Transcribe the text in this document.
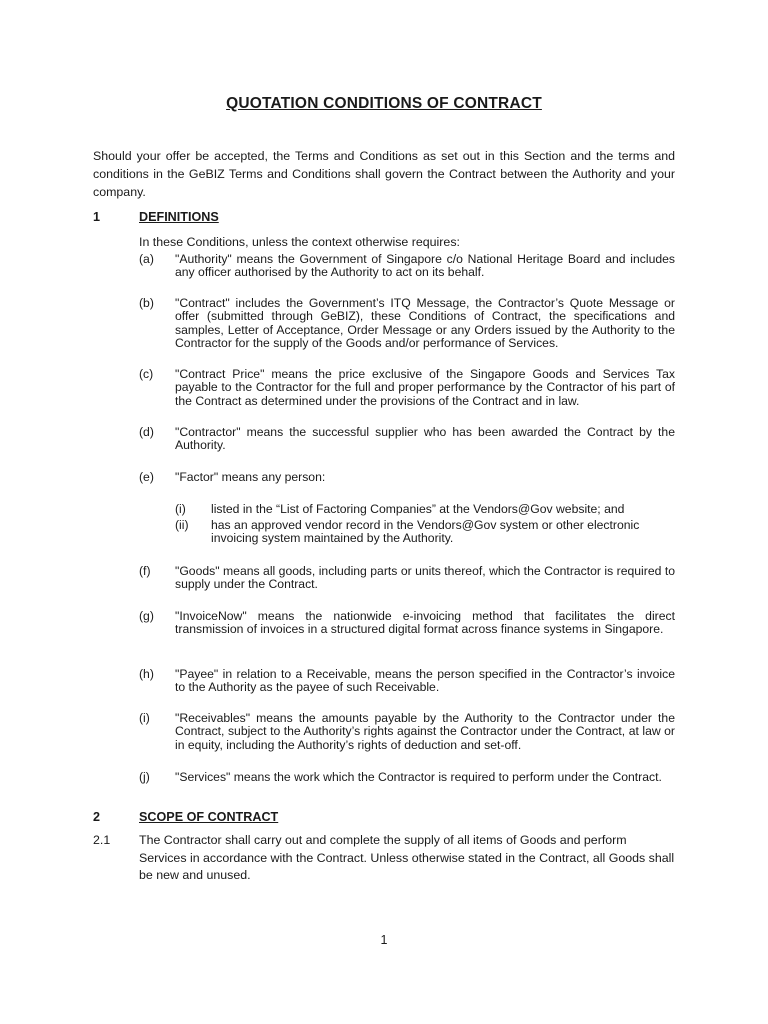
QUOTATION CONDITIONS OF CONTRACT
Should your offer be accepted, the Terms and Conditions as set out in this Section and the terms and conditions in the GeBIZ Terms and Conditions shall govern the Contract between the Authority and your company.
1	DEFINITIONS
In these Conditions, unless the context otherwise requires:
(a) "Authority" means the Government of Singapore c/o National Heritage Board and includes any officer authorised by the Authority to act on its behalf.
(b) "Contract" includes the Government’s ITQ Message, the Contractor’s Quote Message or offer (submitted through GeBIZ), these Conditions of Contract, the specifications and samples, Letter of Acceptance, Order Message or any Orders issued by the Authority to the Contractor for the supply of the Goods and/or performance of Services.
(c) "Contract Price" means the price exclusive of the Singapore Goods and Services Tax payable to the Contractor for the full and proper performance by the Contractor of his part of the Contract as determined under the provisions of the Contract and in law.
(d) "Contractor" means the successful supplier who has been awarded the Contract by the Authority.
(e) "Factor" means any person:
(i) listed in the “List of Factoring Companies” at the Vendors@Gov website; and
(ii) has an approved vendor record in the Vendors@Gov system or other electronic invoicing system maintained by the Authority.
(f) "Goods" means all goods, including parts or units thereof, which the Contractor is required to supply under the Contract.
(g) "InvoiceNow" means the nationwide e-invoicing method that facilitates the direct transmission of invoices in a structured digital format across finance systems in Singapore.
(h) "Payee" in relation to a Receivable, means the person specified in the Contractor’s invoice to the Authority as the payee of such Receivable.
(i) "Receivables" means the amounts payable by the Authority to the Contractor under the Contract, subject to the Authority’s rights against the Contractor under the Contract, at law or in equity, including the Authority’s rights of deduction and set-off.
(j) "Services" means the work which the Contractor is required to perform under the Contract.
2	SCOPE OF CONTRACT
2.1 The Contractor shall carry out and complete the supply of all items of Goods and perform Services in accordance with the Contract. Unless otherwise stated in the Contract, all Goods shall be new and unused.
1
